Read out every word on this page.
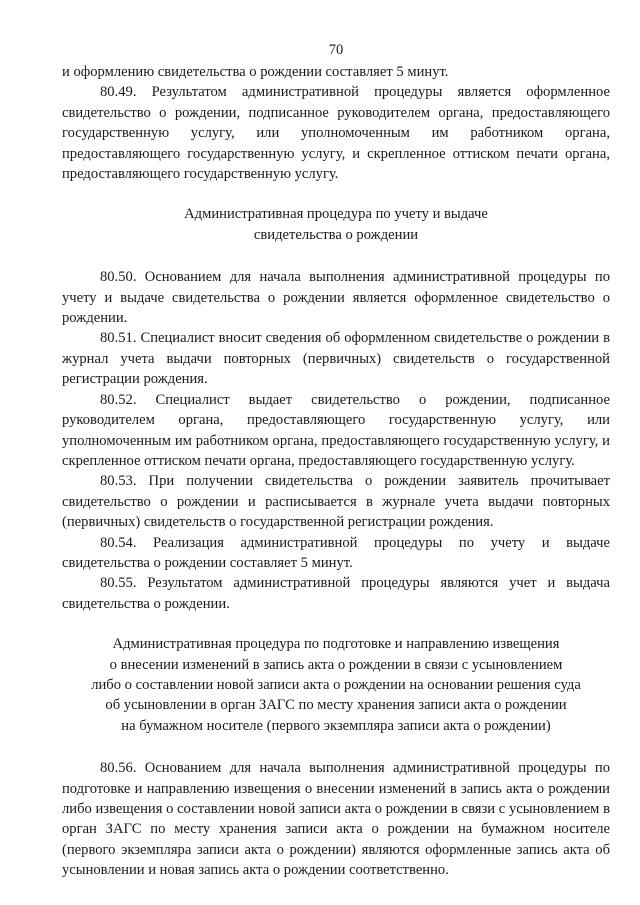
70

и оформлению свидетельства о рождении составляет 5 минут.

80.49. Результатом административной процедуры является оформленное свидетельство о рождении, подписанное руководителем органа, предоставляющего государственную услугу, или уполномоченным им работником органа, предоставляющего государственную услугу, и скрепленное оттиском печати органа, предоставляющего государственную услугу.

Административная процедура по учету и выдаче
свидетельства о рождении

80.50. Основанием для начала выполнения административной процедуры по учету и выдаче свидетельства о рождении является оформленное свидетельство о рождении.

80.51. Специалист вносит сведения об оформленном свидетельстве о рождении в журнал учета выдачи повторных (первичных) свидетельств о государственной регистрации рождения.

80.52. Специалист выдает свидетельство о рождении, подписанное руководителем органа, предоставляющего государственную услугу, или уполномоченным им работником органа, предоставляющего государственную услугу, и скрепленное оттиском печати органа, предоставляющего государственную услугу.

80.53. При получении свидетельства о рождении заявитель прочитывает свидетельство о рождении и расписывается в журнале учета выдачи повторных (первичных) свидетельств о государственной регистрации рождения.

80.54. Реализация административной процедуры по учету и выдаче свидетельства о рождении составляет 5 минут.

80.55. Результатом административной процедуры являются учет и выдача свидетельства о рождении.

Административная процедура по подготовке и направлению извещения
о внесении изменений в запись акта о рождении в связи с усыновлением
либо о составлении новой записи акта о рождении на основании решения суда
об усыновлении в орган ЗАГС по месту хранения записи акта о рождении
на бумажном носителе (первого экземпляра записи акта о рождении)

80.56. Основанием для начала выполнения административной процедуры по подготовке и направлению извещения о внесении изменений в запись акта о рождении либо извещения о составлении новой записи акта о рождении в связи с усыновлением в орган ЗАГС по месту хранения записи акта о рождении на бумажном носителе (первого экземпляра записи акта о рождении) являются оформленные запись акта об усыновлении и новая запись акта о рождении соответственно.
